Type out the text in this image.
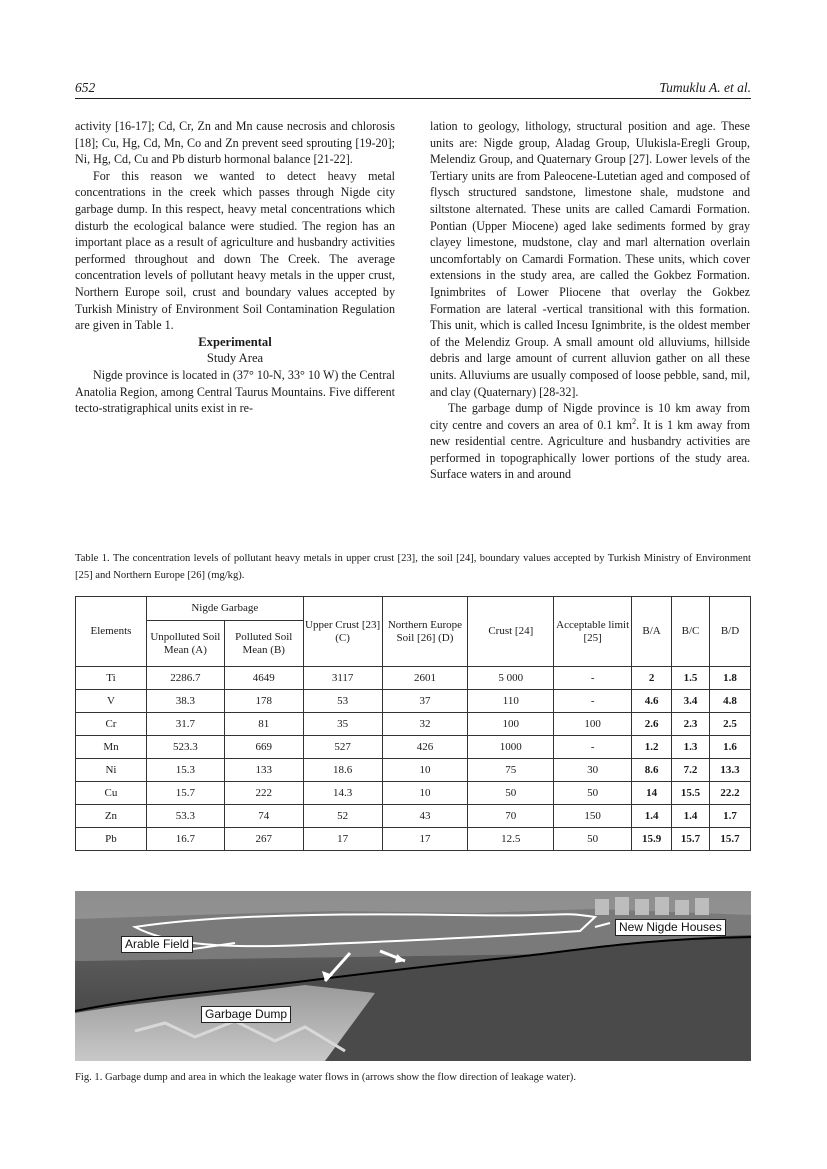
652	Tumuklu A. et al.

activity [16-17]; Cd, Cr, Zn and Mn cause necrosis and chlorosis [18]; Cu, Hg, Cd, Mn, Co and Zn prevent seed sprouting [19-20]; Ni, Hg, Cd, Cu and Pb disturb hormonal balance [21-22].

For this reason we wanted to detect heavy metal concentrations in the creek which passes through Nigde city garbage dump. In this respect, heavy metal concentrations which disturb the ecological balance were studied. The region has an important place as a result of agriculture and husbandry activities performed throughout and down The Creek. The average concentration levels of pollutant heavy metals in the upper crust, Northern Europe soil, crust and boundary values accepted by Turkish Ministry of Environment Soil Contamination Regulation are given in Table 1.

Experimental

Study Area

Nigde province is located in (37° 10-N, 33° 10 W) the Central Anatolia Region, among Central Taurus Mountains. Five different tecto-stratigraphical units exist in re-

lation to geology, lithology, structural position and age. These units are: Nigde group, Aladag Group, Ulukisla-Eregli Group, Melendiz Group, and Quaternary Group [27]. Lower levels of the Tertiary units are from Paleocene-Lutetian aged and composed of flysch structured sandstone, limestone shale, mudstone and siltstone alternated. These units are called Camardi Formation. Pontian (Upper Miocene) aged lake sediments formed by gray clayey limestone, mudstone, clay and marl alternation overlain uncomfortably on Camardi Formation. These units, which cover extensions in the study area, are called the Gokbez Formation. Ignimbrites of Lower Pliocene that overlay the Gokbez Formation are lateral -vertical transitional with this formation. This unit, which is called Incesu Ignimbrite, is the oldest member of the Melendiz Group. A small amount old alluviums, hillside debris and large amount of current alluvion gather on all these units. Alluviums are usually composed of loose pebble, sand, mil, and clay (Quaternary) [28-32].

The garbage dump of Nigde province is 10 km away from city centre and covers an area of 0.1 $km^2$. It is 1 km away from new residential centre. Agriculture and husbandry activities are performed in topographically lower portions of the study area. Surface waters in and around

Table 1. The concentration levels of pollutant heavy metals in upper crust [23], the soil [24], boundary values accepted by Turkish Ministry of Environment [25] and Northern Europe [26] (mg/kg).
Elements	Nigde Garbage		Upper Crust [23] (C)	Northern Europe Soil [26] (D)	Crust [24]	Acceptable limit [25]	B/A	B/C	B/D
	Unpolluted Soil Mean (A)	Polluted Soil Mean (B)							
Ti	2286.7	4649	3117	2601	5 000	-	2	1.5	1.8
V	38.3	178	53	37	110	-	4.6	3.4	4.8
Cr	31.7	81	35	32	100	100	2.6	2.3	2.5
Mn	523.3	669	527	426	1000	-	1.2	1.3	1.6
Ni	15.3	133	18.6	10	75	30	8.6	7.2	13.3
Cu	15.7	222	14.3	10	50	50	14	15.5	22.2
Zn	53.3	74	52	43	70	150	1.4	1.4	1.7
Pb	16.7	267	17	17	12.5	50	15.9	15.7	15.7
Arable Field
New Nigde Houses
Garbage Dump
Fig. 1. Garbage dump and area in which the leakage water flows in (arrows show the flow direction of leakage water).
